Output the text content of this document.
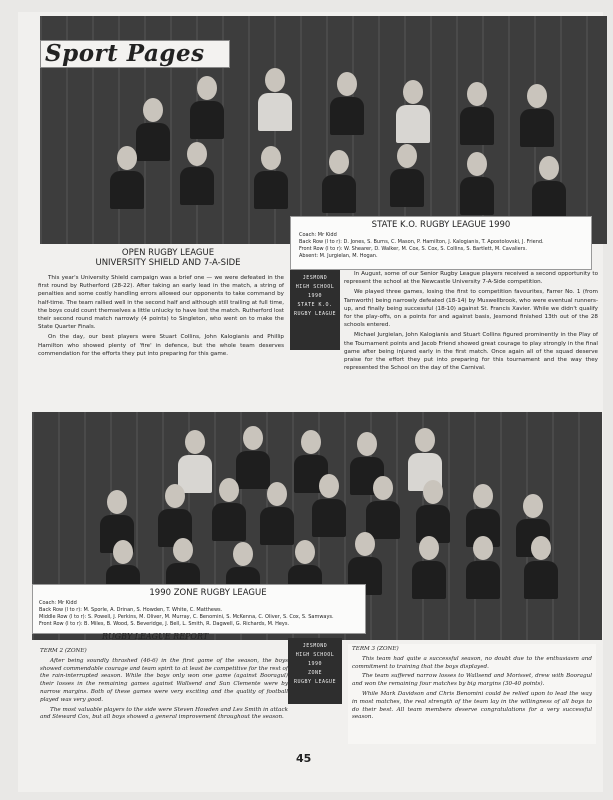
Sport Pages
STATE K.O. RUGBY LEAGUE 1990
Coach: Mr Kidd
Back Row (l to r): D. Jones, S. Burns, C. Mason, P. Hamilton, J. Kalogianis, T. Apostolovski, J. Friend.
Front Row (l to r): W. Shearer, D. Walker, M. Cox, S. Cox, S. Collins, S. Bartlett, M. Cavaliers.
Absent: M. Jurgielan, M. Hogan.
OPEN RUGBY LEAGUE
UNIVERSITY SHIELD AND 7-A-SIDE

This year's University Shield campaign was a brief one — we were defeated in the first round by Rutherford (28-22). After taking an early lead in the match, a string of penalties and some costly handling errors allowed our opponents to take command by half-time. The team rallied well in the second half and although still trailing at full time, the boys could count themselves a little unlucky to have lost the match. Rutherford lost their second round match narrowly (4 points) to Singleton, who went on to make the State Quarter Finals.

On the day, our best players were Stuart Collins, John Kalogianis and Phillip Hamilton who showed plenty of 'fire' in defence, but the whole team deserves commendation for the efforts they put into preparing for this game.

JESMOND
HIGH SCHOOL
1990
STATE K.O.
RUGBY LEAGUE

In August, some of our Senior Rugby League players received a second opportunity to represent the school at the Newcastle University 7-A-Side competition.

We played three games, losing the first to competition favourites, Farrer No. 1 (from Tamworth) being narrowly defeated (18-14) by Muswellbrook, who were eventual runners-up, and finally being successful (18-10) against St. Francis Xavier. While we didn't qualify for the play-offs, on a points for and against basis, Jesmond finished 13th out of the 28 schools entered.

Michael Jurgielan, John Kalogianis and Stuart Collins figured prominently in the Play of the Tournament points and Jacob Friend showed great courage to play strongly in the final game after being injured early in the first match. Once again all of the squad deserve praise for the effort they put into preparing for this tournament and the way they represented the School on the day of the Carnival.

1990 ZONE RUGBY LEAGUE
Coach: Mr Kidd
Back Row (l to r): M. Sporle, A. Drinan, S. Howden, T. White, C. Matthews.
Middle Row (l to r): S. Powell, J. Perkins, M. Oliver, M. Murray, C. Benomini, S. McKenna, C. Oliver, S. Cox, S. Samways.
Front Row (l to r): B. Miles, B. Wood, S. Beveridge, J. Bell, L. Smith, R. Dagwell, G. Richards, M. Heys.
RUGBY LEAGUE REPORT

TERM 2 (ZONE)

After being soundly thrashed (46-6) in the first game of the season, the boys showed commendable courage and team spirit to at least be competitive for the rest of the rain-interrupted season. While the boys only won one game (against Booragul) their losses in the remaining games against Wallsend and Sun Clemente were by narrow margins. Both of these games were very exciting and the quality of football played was very good.

The most valuable players to the side were Steven Howden and Les Smith in attack and Steward Cox, but all boys showed a general improvement throughout the season.

JESMOND
HIGH SCHOOL
1990
ZONE
RUGBY LEAGUE

TERM 3 (ZONE)

This team had quite a successful season, no doubt due to the enthusiasm and commitment to training that the boys displayed.

The team suffered narrow losses to Wallsend and Morisset, drew with Booragul and won the remaining four matches by big margins (30-40 points).

While Mark Davidson and Chris Benomini could be relied upon to lead the way in most matches, the real strength of the team lay in the willingness of all boys to do their best. All team members deserve congratulations for a very successful season.

45
